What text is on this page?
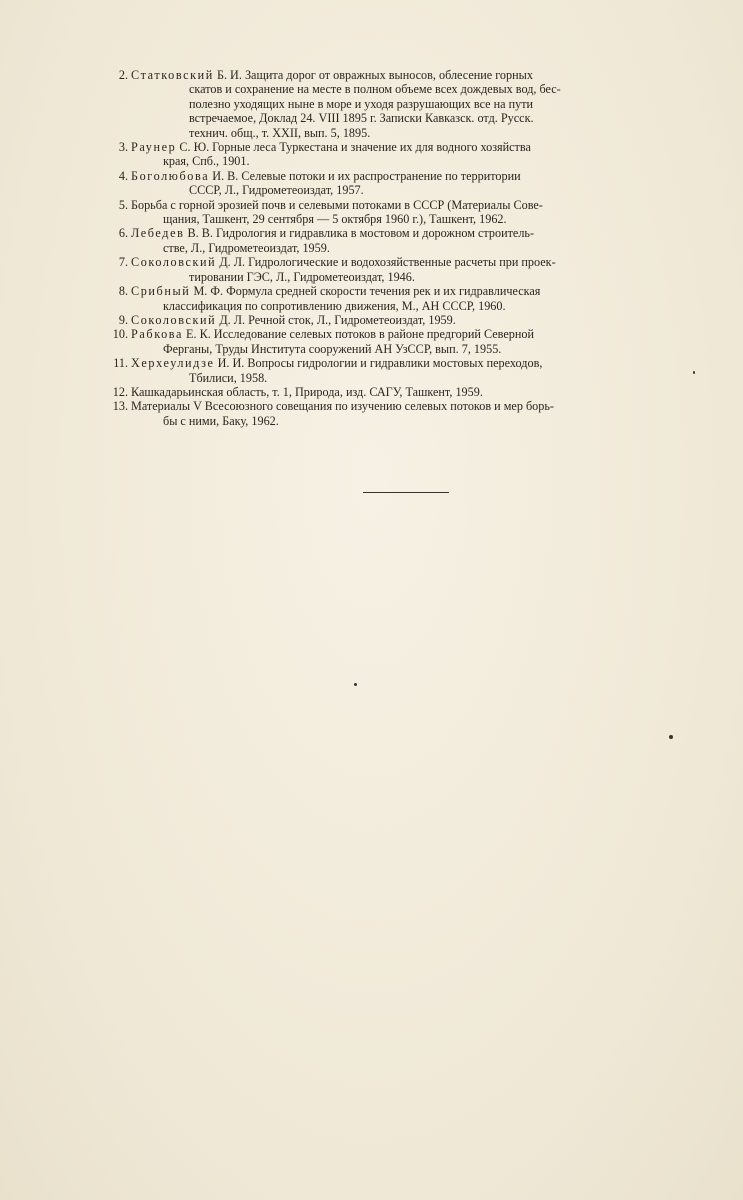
2. Статковский Б. И. Защита дорог от овражных выносов, облесение горных
скатов и сохранение на месте в полном объеме всех дождевых вод, бес-
полезно уходящих ныне в море и уходя разрушающих все на пути
встречаемое, Доклад 24. VIII 1895 г. Записки Кавказск. отд. Русск.
технич. общ., т. XXII, вып. 5, 1895.
3. Раунер С. Ю. Горные леса Туркестана и значение их для водного хозяйства
края, Спб., 1901.
4. Боголюбова И. В. Селевые потоки и их распространение по территории
СССР, Л., Гидрометеоиздат, 1957.
5. Борьба с горной эрозией почв и селевыми потоками в СССР (Материалы Сове-
щания, Ташкент, 29 сентября — 5 октября 1960 г.), Ташкент, 1962.
6. Лебедев В. В. Гидрология и гидравлика в мостовом и дорожном строитель-
стве, Л., Гидрометеоиздат, 1959.
7. Соколовский Д. Л. Гидрологические и водохозяйственные расчеты при проек-
тировании ГЭС, Л., Гидрометеоиздат, 1946.
8. Срибный М. Ф. Формула средней скорости течения рек и их гидравлическая
классификация по сопротивлению движения, М., АН СССР, 1960.
9. Соколовский Д. Л. Речной сток, Л., Гидрометеоиздат, 1959.
10. Рабкова Е. К. Исследование селевых потоков в районе предгорий Северной
Ферганы, Труды Института сооружений АН УзССР, вып. 7, 1955.
11. Херхеулидзе И. И. Вопросы гидрологии и гидравлики мостовых переходов,
Тбилиси, 1958.
12. Кашкадарьинская область, т. 1, Природа, изд. САГУ, Ташкент, 1959.
13. Материалы V Всесоюзного совещания по изучению селевых потоков и мер борь-
бы с ними, Баку, 1962.
